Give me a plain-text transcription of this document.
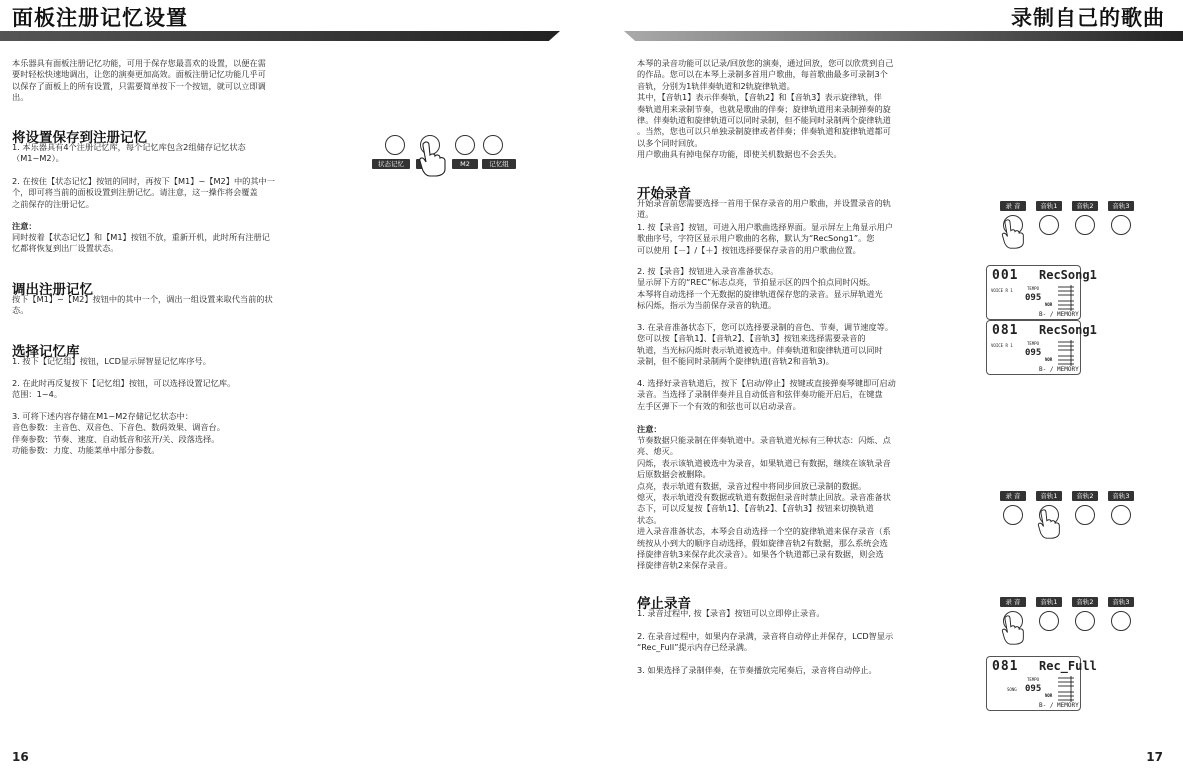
面板注册记忆设置
本乐器具有面板注册记忆功能，可用于保存您最喜欢的设置，以便在需
要时轻松快速地调出，让您的演奏更加高效。面板注册记忆功能几乎可
以保存了面板上的所有设置，只需要简单按下一个按钮，就可以立即调
出。
将设置保存到注册记忆
1. 本乐器具有4个注册记忆库，每个记忆库包含2组储存记忆状态
（M1~M2）。
2. 在按住【状态记忆】按钮的同时，再按下【M1】~【M2】中的其中一
个，即可将当前的面板设置到注册记忆。请注意，这一操作将会覆盖
之前保存的注册记忆。
注意：
同时按着【状态记忆】和【M1】按钮不放，重新开机，此时所有注册记
忆都将恢复到出厂设置状态。
调出注册记忆
按下【M1】~【M2】按钮中的其中一个，调出一组设置来取代当前的状
态。
选择记忆库
1. 按下【记忆组】按钮，LCD显示屏智显记忆库序号。
2. 在此时再反复按下【记忆组】按钮，可以选择设置记忆库。
范围：1~4。
3. 可将下述内容存储在M1~M2存储记忆状态中：
音色参数：主音色、双音色、下音色、数码效果、调音台。
伴奏参数：节奏、速度、自动低音和弦开/关、段落选择。
功能参数：力度、功能菜单中部分参数。
状态记忆	M2	记忆组
16
录制自己的歌曲
本琴的录音功能可以记录/回放您的演奏，通过回放，您可以欣赏到自己
的作品。您可以在本琴上录制多首用户歌曲，每首歌曲最多可录制3个
音轨，分别为1轨伴奏轨道和2轨旋律轨道。
其中，【音轨1】表示伴奏轨，【音轨2】和【音轨3】表示旋律轨，伴
奏轨道用来录制节奏，也就是歌曲的伴奏；旋律轨道用来录制弹奏的旋
律。伴奏轨道和旋律轨道可以同时录制，但不能同时录制两个旋律轨道
。当然，您也可以只单独录制旋律或者伴奏；伴奏轨道和旋律轨道都可
以多个同时回放。
用户歌曲具有掉电保存功能，即使关机数据也不会丢失。
开始录音
开始录音前您需要选择一首用于保存录音的用户歌曲，并设置录音的轨
道。
1. 按【录音】按钮，可进入用户歌曲选择界面。显示屏左上角显示用户
歌曲序号，字符区显示用户歌曲的名称，默认为“RecSong1”。您
可以使用【－】/【＋】按钮选择要保存录音的用户歌曲位置。
2. 按【录音】按钮进入录音准备状态。
显示屏下方的“REC”标志点亮，节拍显示区的四个拍点同时闪烁。
本琴将自动选择一个无数据的旋律轨道保存您的录音。显示屏轨道光
标闪烁，指示为当前保存录音的轨道。
3. 在录音准备状态下，您可以选择要录制的音色、节奏，调节速度等。
您可以按【音轨1】、【音轨2】、【音轨3】按钮来选择需要录音的
轨道，当光标闪烁时表示轨道被选中。伴奏轨道和旋律轨道可以同时
录制，但不能同时录制两个旋律轨道(音轨2和音轨3)。
4. 选择好录音轨道后，按下【启动/停止】按键或直接弹奏琴键即可启动
录音。当选择了录制伴奏并且自动低音和弦伴奏功能开启后，在键盘
左手区弹下一个有效的和弦也可以启动录音。
注意：
节奏数据只能录制在伴奏轨道中。录音轨道光标有三种状态：闪烁、点
亮、熄灭。
闪烁，表示该轨道被选中为录音，如果轨道已有数据，继续在该轨录音
后原数据会被删除。
点亮，表示轨道有数据，录音过程中将同步回放已录制的数据。
熄灭，表示轨道没有数据或轨道有数据但录音时禁止回放。录音准备状
态下，可以反复按【音轨1】、【音轨2】、【音轨3】按钮来切换轨道
状态。
进入录音准备状态，本琴会自动选择一个空的旋律轨道来保存录音（系
统按从小到大的顺序自动选择，假如旋律音轨2有数据，那么系统会选
择旋律音轨3来保存此次录音）。如果各个轨道都已录有数据，则会选
择旋律音轨2来保存录音。
停止录音
1. 录音过程中, 按【录音】按钮可以立即停止录音。
2. 在录音过程中，如果内存录满，录音将自动停止并保存，LCD智显示
“Rec_Full”提示内存已经录满。
3. 如果选择了录制伴奏，在节奏播放完尾奏后，录音将自动停止。
录 音	音轨1	音轨2	音轨3
001 RecSong1
VOICE R 1	TEMPO
095
NOR
B- / MEMORY
081 RecSong1
VOICE R 1	TEMPO
095
NOR
B- / MEMORY
录 音	音轨1	音轨2	音轨3
录 音	音轨1	音轨2	音轨3
081 Rec_Full
SONG
TEMPO
095
NOR
B- / MEMORY
17
